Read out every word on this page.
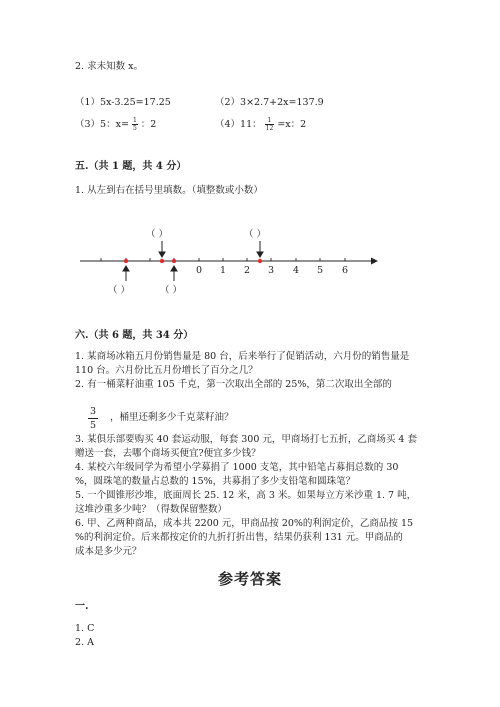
2. 求未知数 x。
（1）5x-3.25=17.25	（2）3×2.7+2x=137.9
（3）5：$x= \frac{1}{5}$ ：2	（4）11： $\frac{1}{12} =x$：2
五.（共 1 题，共 4 分）
1. 从左到右在括号里填数。（填整数或小数）
（ ）	（ ）
（ ）	（ ）
0 1 2 3 4 5 6
六.（共 6 题，共 34 分）
1. 某商场冰箱五月份销售量是 80 台，后来举行了促销活动，六月份的销售量是
110 台。六月份比五月份增长了百分之几？
2. 有一桶菜籽油重 105 千克，第一次取出全部的 25%，第二次取出全部的
$\frac{3}{5}$ ，桶里还剩多少千克菜籽油？
3. 某俱乐部要购买 40 套运动服，每套 300 元，甲商场打七五折，乙商场买 4 套
赠送一套，去哪个商场买便宜?便宜多少钱？
4. 某校六年级同学为希望小学募捐了 1000 支笔，其中铅笔占募捐总数的 30
%，圆珠笔的数量占总数的 15%，共募捐了多少支铅笔和圆珠笔？
5. 一个圆锥形沙堆，底面周长 25. 12 米，高 3 米。如果每立方米沙重 1. 7 吨，
这堆沙重多少吨？（得数保留整数）
6. 甲、乙两种商品，成本共 2200 元，甲商品按 20%的利润定价，乙商品按 15
%的利润定价。后来都按定价的九折打折出售，结果仍获利 131 元。甲商品的
成本是多少元？
参考答案
一.
1. C
2. A
